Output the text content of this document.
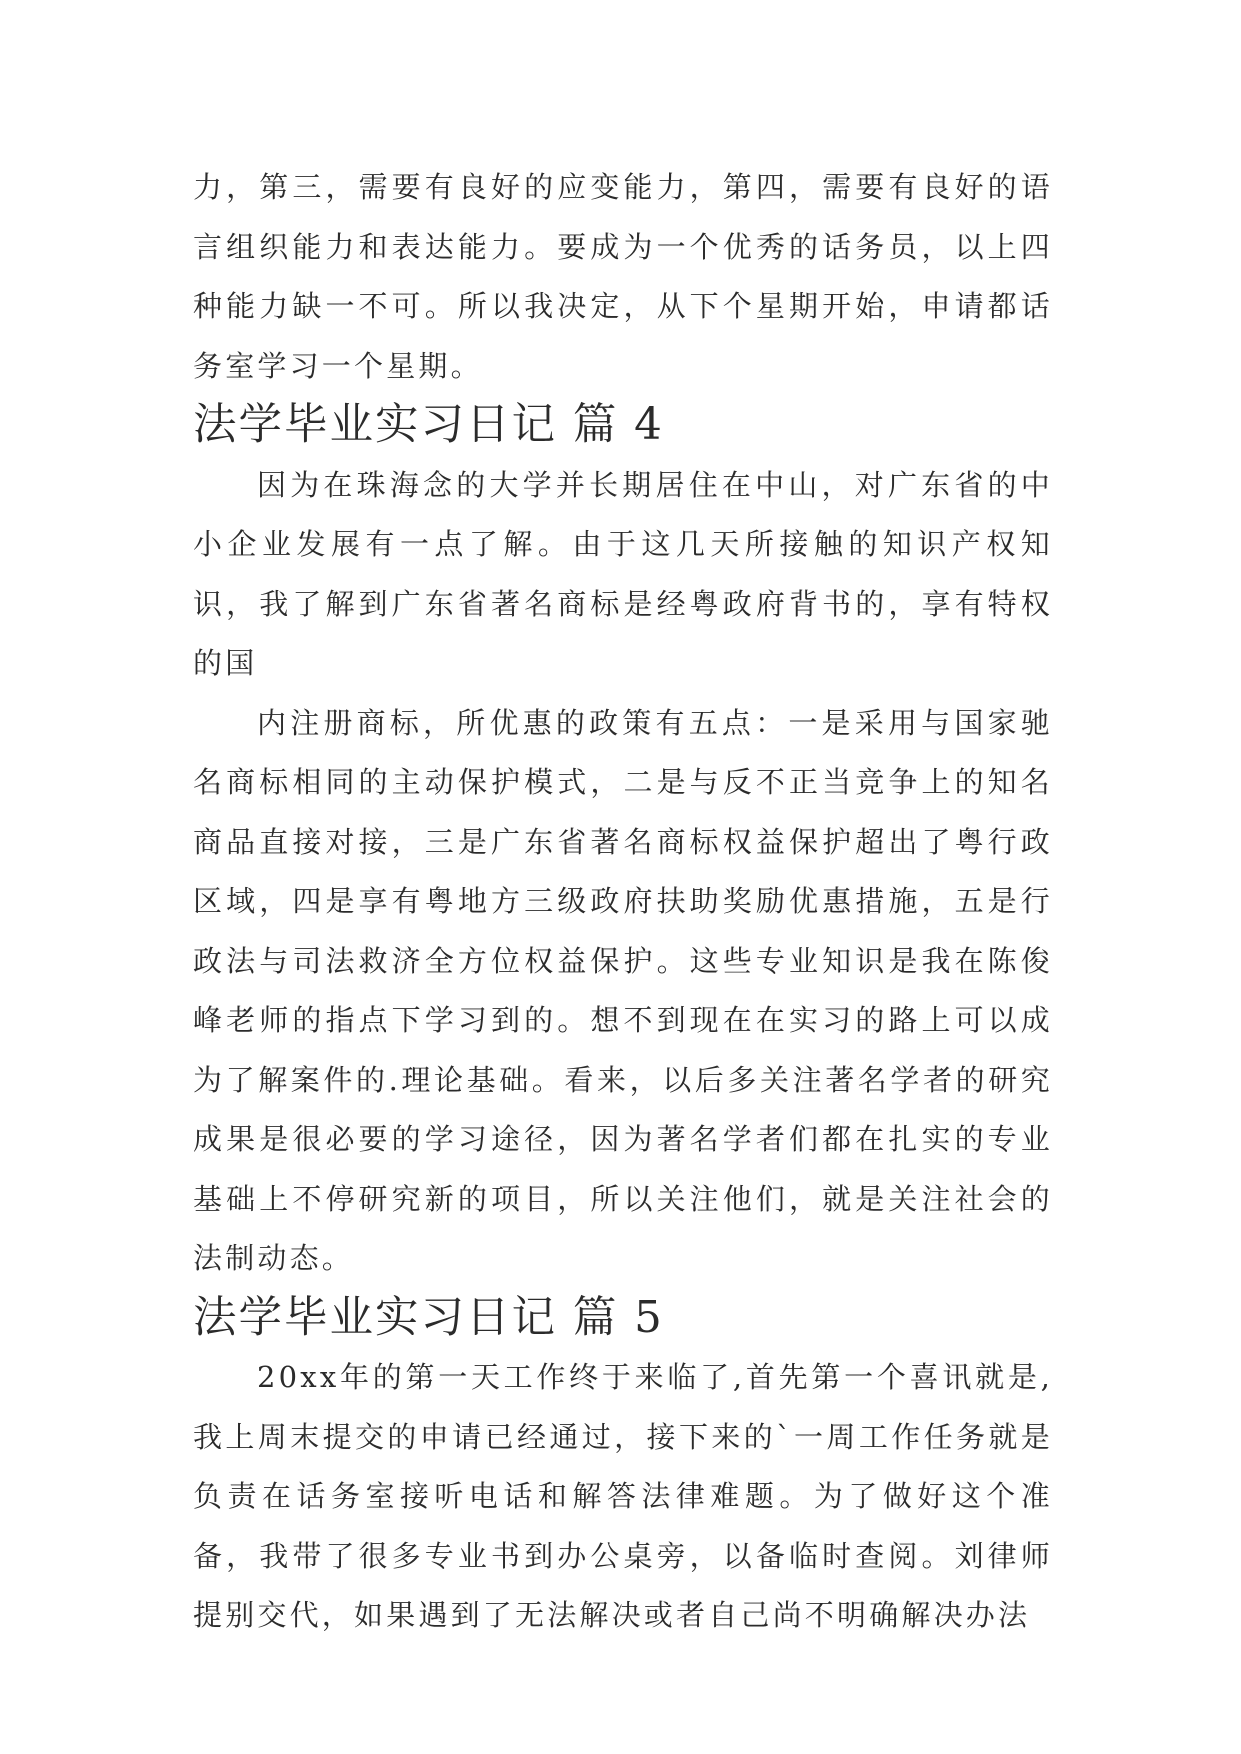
力，第三，需要有良好的应变能力，第四，需要有良好的语言组织能力和表达能力。要成为一个优秀的话务员，以上四种能力缺一不可。所以我决定，从下个星期开始，申请都话务室学习一个星期。

法学毕业实习日记 篇 4

因为在珠海念的大学并长期居住在中山，对广东省的中小企业发展有一点了解。由于这几天所接触的知识产权知识，我了解到广东省著名商标是经粤政府背书的，享有特权的国

内注册商标，所优惠的政策有五点：一是采用与国家驰名商标相同的主动保护模式，二是与反不正当竞争上的知名商品直接对接，三是广东省著名商标权益保护超出了粤行政区域，四是享有粤地方三级政府扶助奖励优惠措施，五是行政法与司法救济全方位权益保护。这些专业知识是我在陈俊峰老师的指点下学习到的。想不到现在在实习的路上可以成为了解案件的.理论基础。看来，以后多关注著名学者的研究成果是很必要的学习途径，因为著名学者们都在扎实的专业基础上不停研究新的项目，所以关注他们，就是关注社会的法制动态。

法学毕业实习日记 篇 5

20xx年的第一天工作终于来临了,首先第一个喜讯就是,我上周末提交的申请已经通过，接下来的`一周工作任务就是负责在话务室接听电话和解答法律难题。为了做好这个准备，我带了很多专业书到办公桌旁，以备临时查阅。刘律师提别交代，如果遇到了无法解决或者自己尚不明确解决办法
